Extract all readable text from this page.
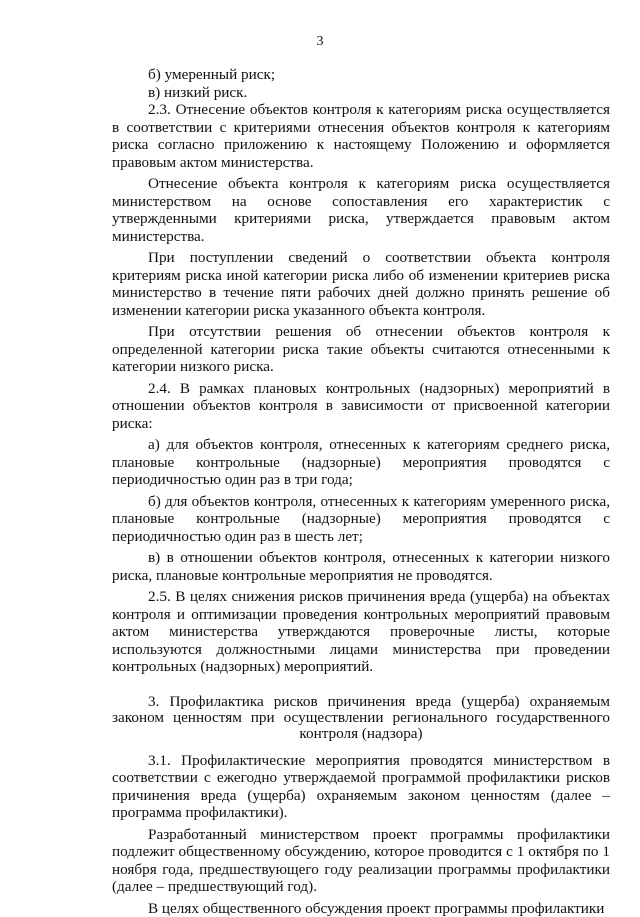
3

б) умеренный риск;

в) низкий риск.

2.3. Отнесение объектов контроля к категориям риска осуществляется в соответствии с критериями отнесения объектов контроля к категориям риска согласно приложению к настоящему Положению и оформляется правовым актом министерства.

Отнесение объекта контроля к категориям риска осуществляется министерством на основе сопоставления его характеристик с утвержденными критериями риска, утверждается правовым актом министерства.

При поступлении сведений о соответствии объекта контроля критериям риска иной категории риска либо об изменении критериев риска министерство в течение пяти рабочих дней должно принять решение об изменении категории риска указанного объекта контроля.

При отсутствии решения об отнесении объектов контроля к определенной категории риска такие объекты считаются отнесенными к категории низкого риска.

2.4. В рамках плановых контрольных (надзорных) мероприятий в отношении объектов контроля в зависимости от присвоенной категории риска:

а) для объектов контроля, отнесенных к категориям среднего риска, плановые контрольные (надзорные) мероприятия проводятся с периодичностью один раз в три года;

б) для объектов контроля, отнесенных к категориям умеренного риска, плановые контрольные (надзорные) мероприятия проводятся с периодичностью один раз в шесть лет;

в) в отношении объектов контроля, отнесенных к категории низкого риска, плановые контрольные мероприятия не проводятся.

2.5. В целях снижения рисков причинения вреда (ущерба) на объектах контроля и оптимизации проведения контрольных мероприятий правовым актом министерства утверждаются проверочные листы, которые используются должностными лицами министерства при проведении контрольных (надзорных) мероприятий.

3. Профилактика рисков причинения вреда (ущерба) охраняемым законом ценностям при осуществлении регионального государственного контроля (надзора)

3.1. Профилактические мероприятия проводятся министерством в соответствии с ежегодно утверждаемой программой профилактики рисков причинения вреда (ущерба) охраняемым законом ценностям (далее – программа профилактики).

Разработанный министерством проект программы профилактики подлежит общественному обсуждению, которое проводится с 1 октября по 1 ноября года, предшествующего году реализации программы профилактики (далее – предшествующий год).

В целях общественного обсуждения проект программы профилактики
